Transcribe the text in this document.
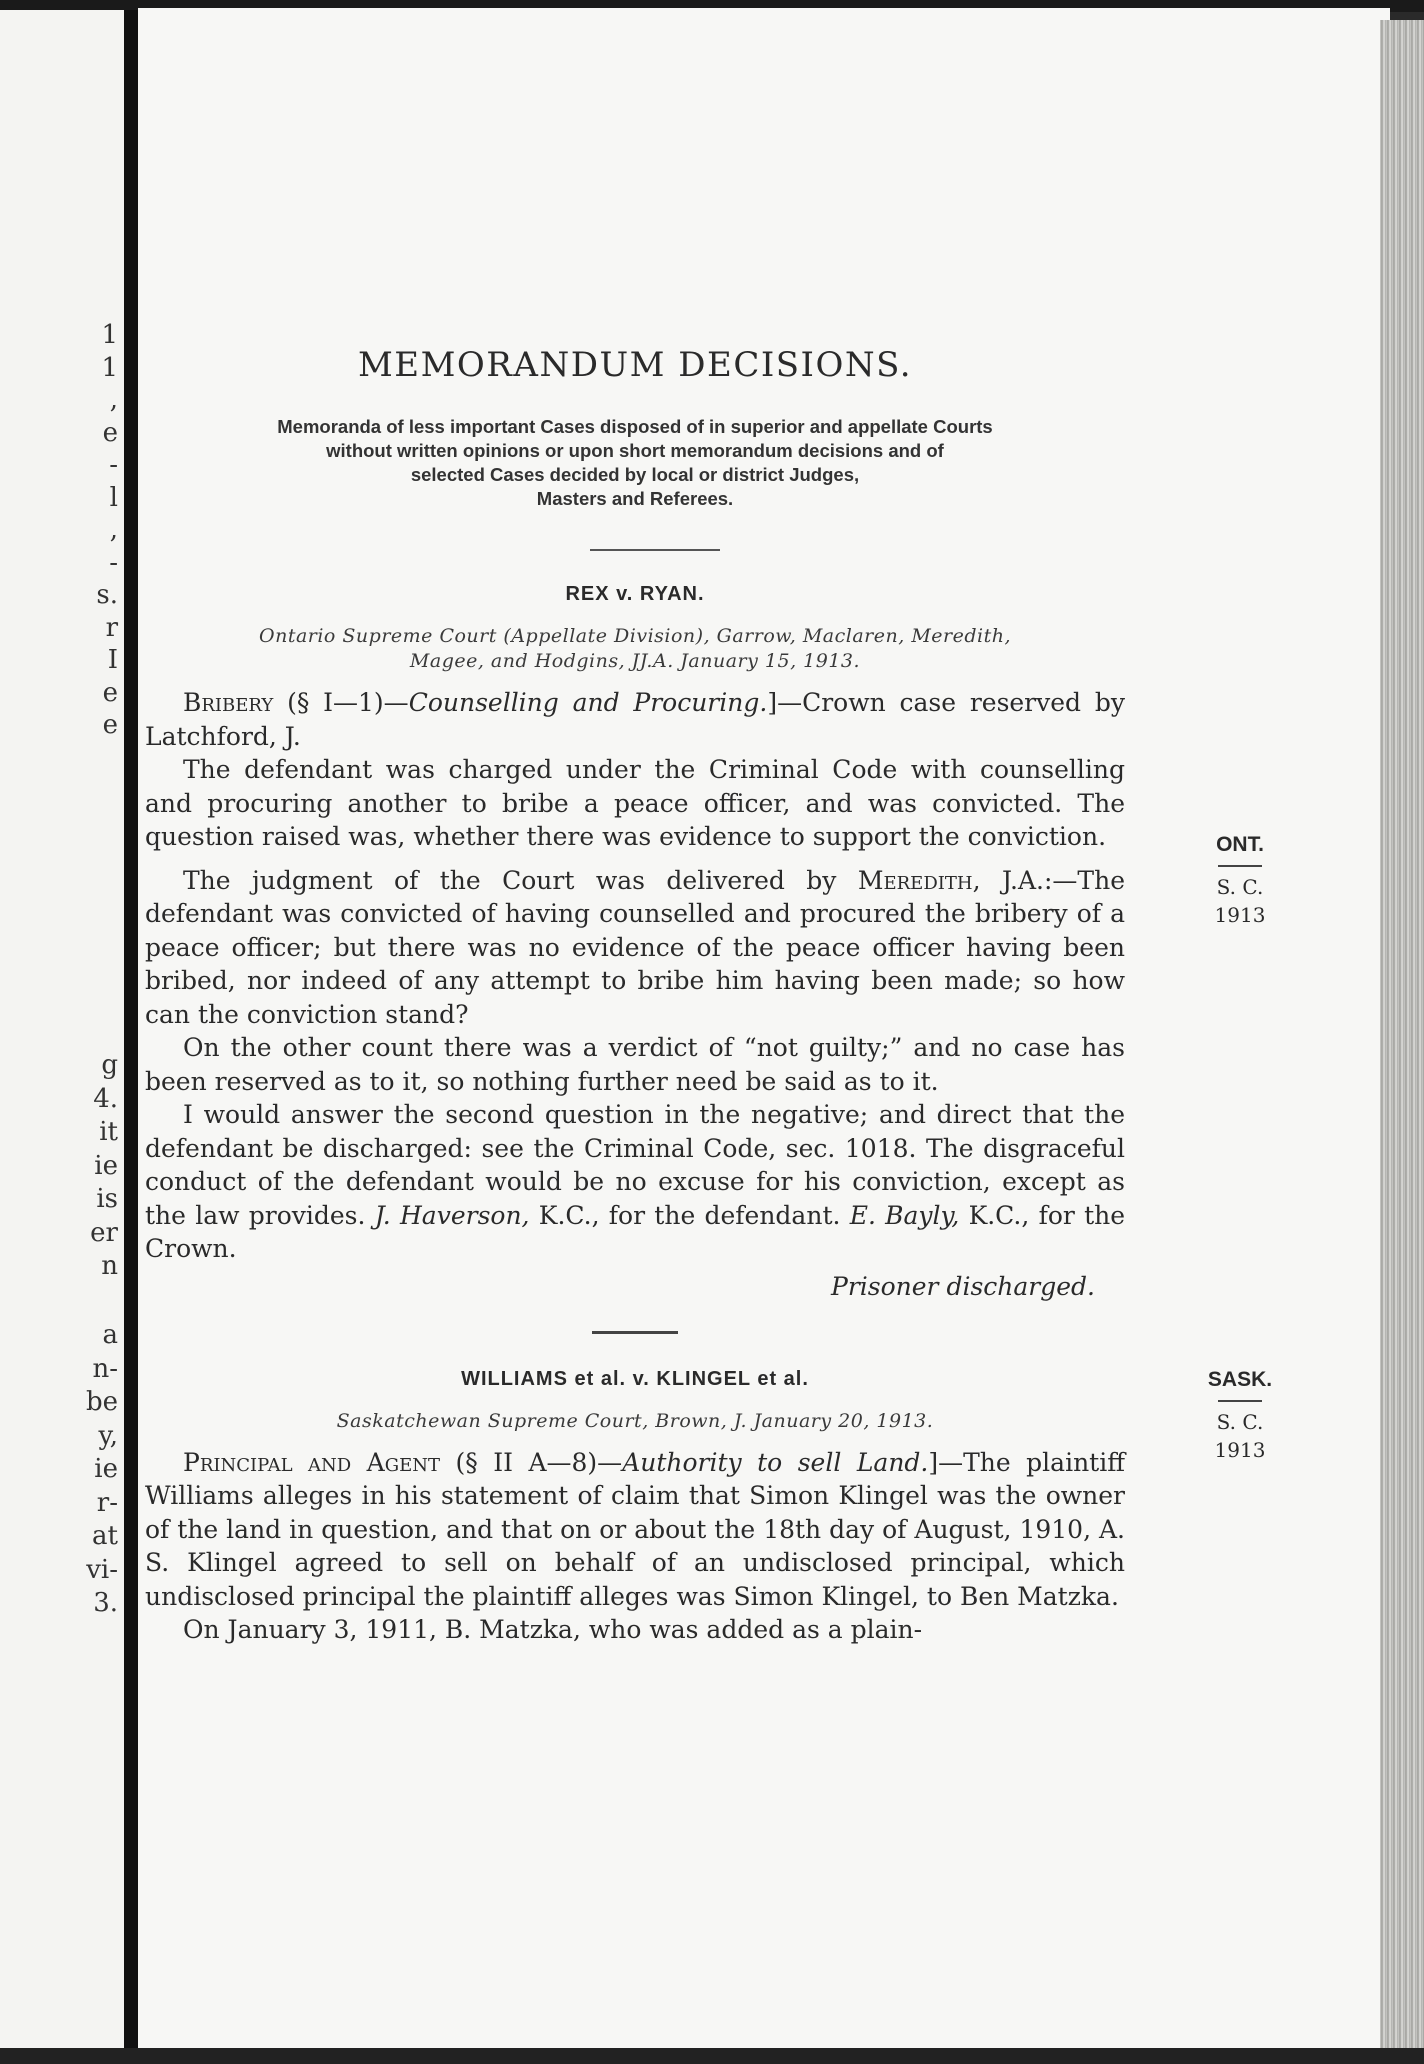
1
1
,
e
-
l
,
-
s.
r
I
e
e
g
4.
it
ie
is
er
n
a
n-
be
y,
ie
r-
at
vi-
3.
MEMORANDUM DECISIONS.
Memoranda of less important Cases disposed of in superior and appellate Courts
without written opinions or upon short memorandum decisions and of
selected Cases decided by local or district Judges,
Masters and Referees.
REX v. RYAN.
Ontario Supreme Court (Appellate Division), Garrow, Maclaren, Meredith,
Magee, and Hodgins, JJ.A. January 15, 1913.

Bribery (§ I—1)—Counselling and Procuring.]—Crown case reserved by Latchford, J.

The defendant was charged under the Criminal Code with counselling and procuring another to bribe a peace officer, and was convicted. The question raised was, whether there was evidence to support the conviction.

The judgment of the Court was delivered by Meredith, J.A.:—The defendant was convicted of having counselled and procured the bribery of a peace officer; but there was no evidence of the peace officer having been bribed, nor indeed of any attempt to bribe him having been made; so how can the conviction stand?

On the other count there was a verdict of “not guilty;” and no case has been reserved as to it, so nothing further need be said as to it.

I would answer the second question in the negative; and direct that the defendant be discharged: see the Criminal Code, sec. 1018. The disgraceful conduct of the defendant would be no excuse for his conviction, except as the law provides. J. Haverson, K.C., for the defendant. E. Bayly, K.C., for the Crown.

Prisoner discharged.
ONT.
S. C.
1913
WILLIAMS et al. v. KLINGEL et al.
Saskatchewan Supreme Court, Brown, J. January 20, 1913.

Principal and Agent (§ II A—8)—Authority to sell Land.]—The plaintiff Williams alleges in his statement of claim that Simon Klingel was the owner of the land in question, and that on or about the 18th day of August, 1910, A. S. Klingel agreed to sell on behalf of an undisclosed principal, which undisclosed principal the plaintiff alleges was Simon Klingel, to Ben Matzka.

On January 3, 1911, B. Matzka, who was added as a plain-

SASK.
S. C.
1913
